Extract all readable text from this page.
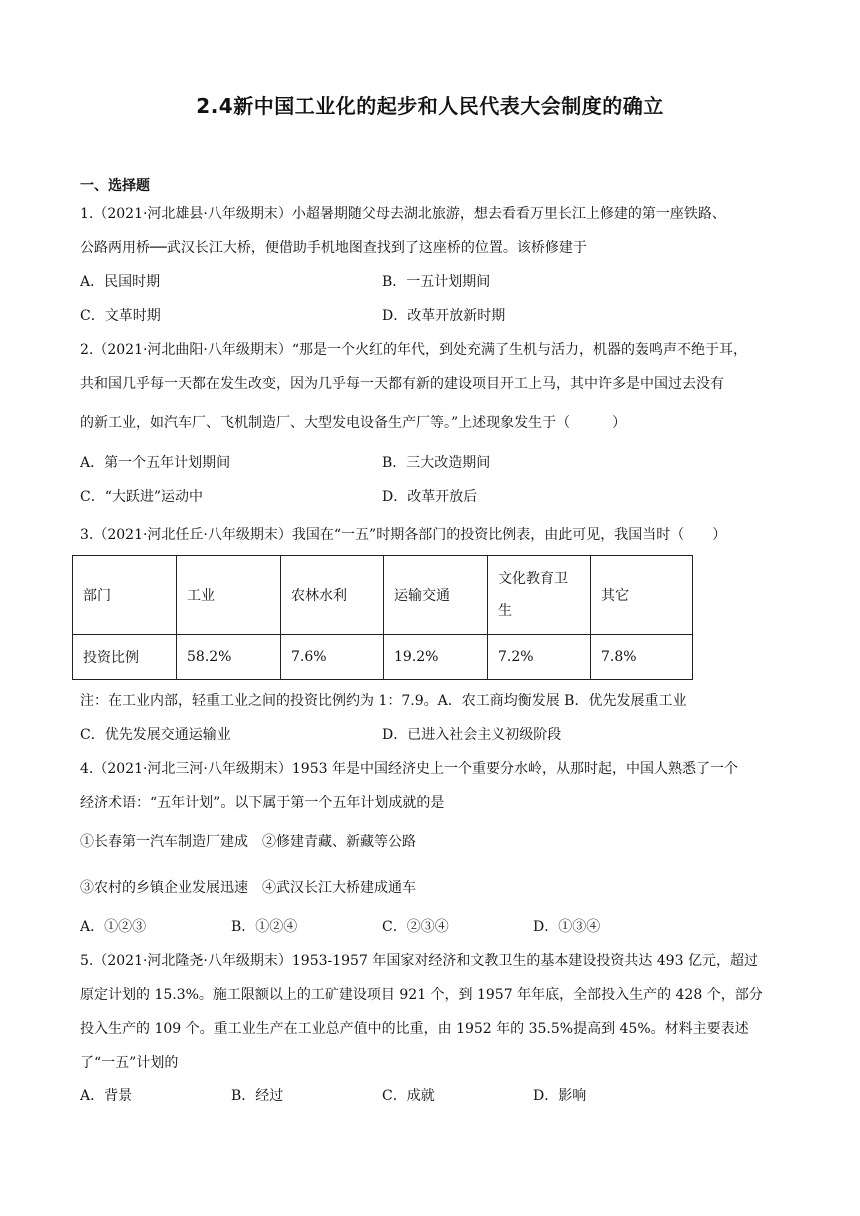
2.4新中国工业化的起步和人民代表大会制度的确立
一、选择题
1.（2021·河北雄县·八年级期末）小超暑期随父母去湖北旅游，想去看看万里长江上修建的第一座铁路、
公路两用桥──武汉长江大桥，便借助手机地图查找到了这座桥的位置。该桥修建于
A．民国时期	B．一五计划期间
C．文革时期	D．改革开放新时期
2.（2021·河北曲阳·八年级期末）“那是一个火红的年代，到处充满了生机与活力，机器的轰鸣声不绝于耳，
共和国几乎每一天都在发生改变，因为几乎每一天都有新的建设项目开工上马，其中许多是中国过去没有
的新工业，如汽车厂、飞机制造厂、大型发电设备生产厂等。”上述现象发生于（　　　）
A．第一个五年计划期间	B．三大改造期间
C．“大跃进”运动中	D．改革开放后
3.（2021·河北任丘·八年级期末）我国在“一五”时期各部门的投资比例表，由此可见，我国当时（　　）
部门	工业	农林水利	运输交通	文化教育卫生	其它
投资比例	58.2%	7.6%	19.2%	7.2%	7.8%
注：在工业内部，轻重工业之间的投资比例约为 1：7.9。A．农工商均衡发展 B．优先发展重工业
C．优先发展交通运输业	D．已进入社会主义初级阶段
4.（2021·河北三河·八年级期末）1953 年是中国经济史上一个重要分水岭，从那时起，中国人熟悉了一个
经济术语：“五年计划”。以下属于第一个五年计划成就的是
①长春第一汽车制造厂建成　②修建青藏、新藏等公路
③农村的乡镇企业发展迅速　④武汉长江大桥建成通车
A．①②③	B．①②④	C．②③④	D．①③④
5.（2021·河北隆尧·八年级期末）1953-1957 年国家对经济和文教卫生的基本建设投资共达 493 亿元，超过
原定计划的 15.3%。施工限额以上的工矿建设项目 921 个，到 1957 年年底，全部投入生产的 428 个，部分
投入生产的 109 个。重工业生产在工业总产值中的比重，由 1952 年的 35.5%提高到 45%。材料主要表述
了“一五”计划的
A．背景	B．经过	C．成就	D．影响
